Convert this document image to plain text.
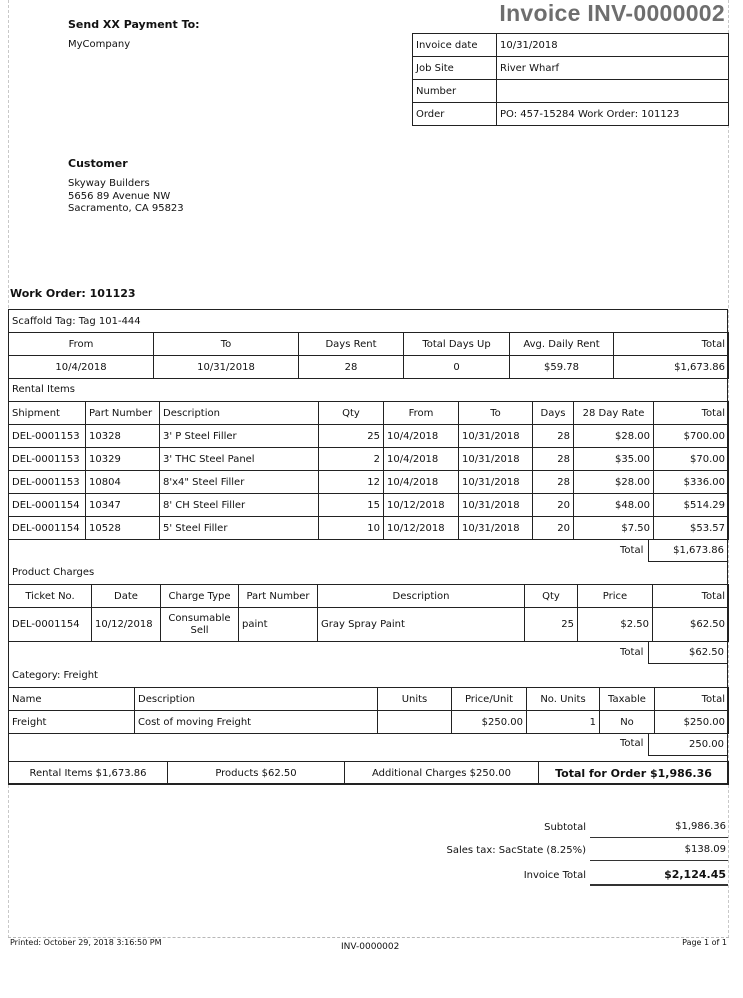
Invoice INV-0000002
Send XX Payment To:
MyCompany	Invoice date	10/31/2018
Job Site	River Wharf
Number	
Order	PO: 457-15284 Work Order: 101123
Customer
Skyway Builders
5656 89 Avenue NW
Sacramento, CA 95823
Work Order: 101123
Scaffold Tag: Tag 101-444
From	To	Days Rent	Total Days Up	Avg. Daily Rent	Total
10/4/2018	10/31/2018	28	0	$59.78	$1,673.86
Rental Items
Shipment	Part Number	Description	Qty	From	To	Days	28 Day Rate	Total
DEL-0001153	10328	3' P Steel Filler	25	10/4/2018	10/31/2018	28	$28.00	$700.00
DEL-0001153	10329	3' THC Steel Panel	2	10/4/2018	10/31/2018	28	$35.00	$70.00
DEL-0001153	10804	8'x4" Steel Filler	12	10/4/2018	10/31/2018	28	$28.00	$336.00
DEL-0001154	10347	8' CH Steel Filler	15	10/12/2018	10/31/2018	20	$48.00	$514.29
DEL-0001154	10528	5' Steel Filler	10	10/12/2018	10/31/2018	20	$7.50	$53.57
Total	$1,673.86
Product Charges
Ticket No.	Date	Charge Type	Part Number	Description	Qty	Price	Total
DEL-0001154	10/12/2018	Consumable Sell	paint	Gray Spray Paint	25	$2.50	$62.50
Total	$62.50
Category: Freight
Name	Description	Units	Price/Unit	No. Units	Taxable	Total
Freight	Cost of moving Freight		$250.00	1	No	$250.00
Total	250.00
Rental Items $1,673.86	Products $62.50	Additional Charges $250.00	Total for Order $1,986.36
Subtotal	$1,986.36
Sales tax: SacState (8.25%)	$138.09
Invoice Total	$2,124.45
Printed: October 29, 2018 3:16:50 PM	INV-0000002	Page 1 of 1
